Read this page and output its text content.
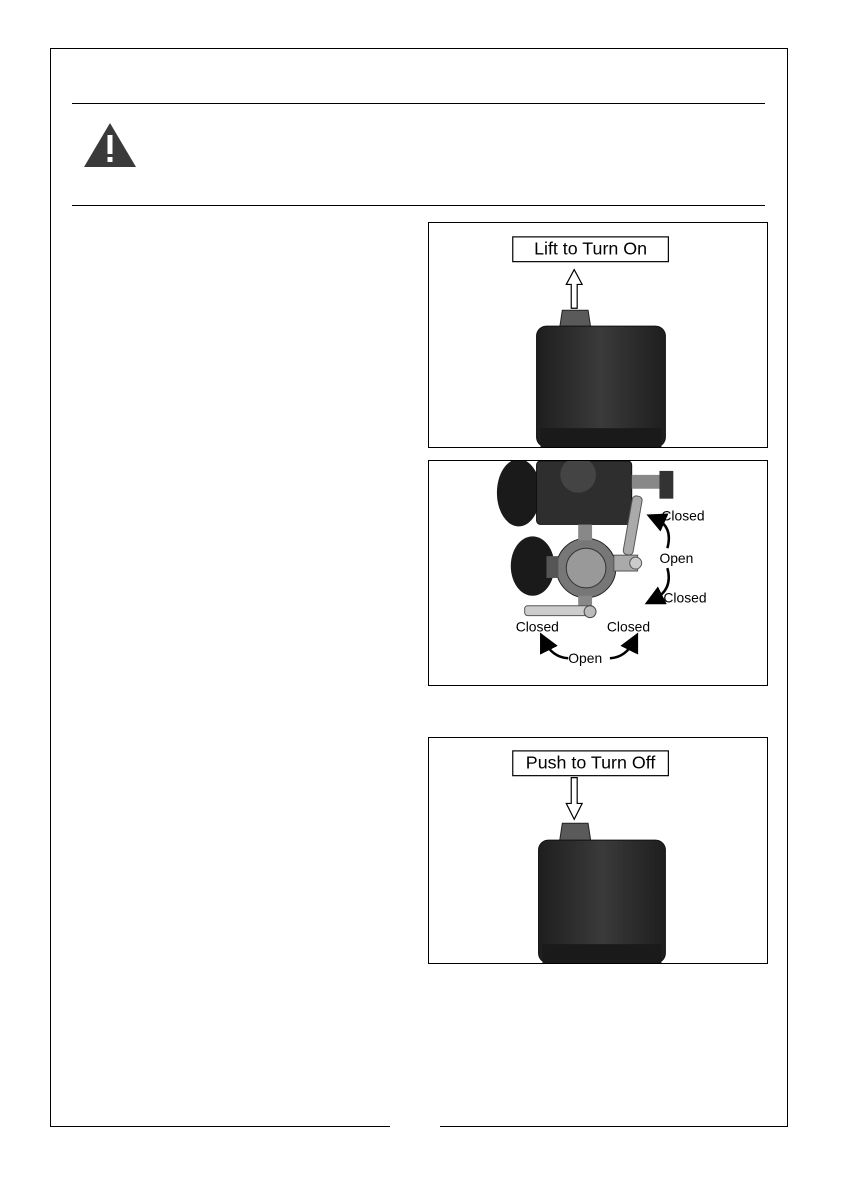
Lift to Turn On
Closed
Open
Closed
Closed	Closed
Open
Push to Turn Off
